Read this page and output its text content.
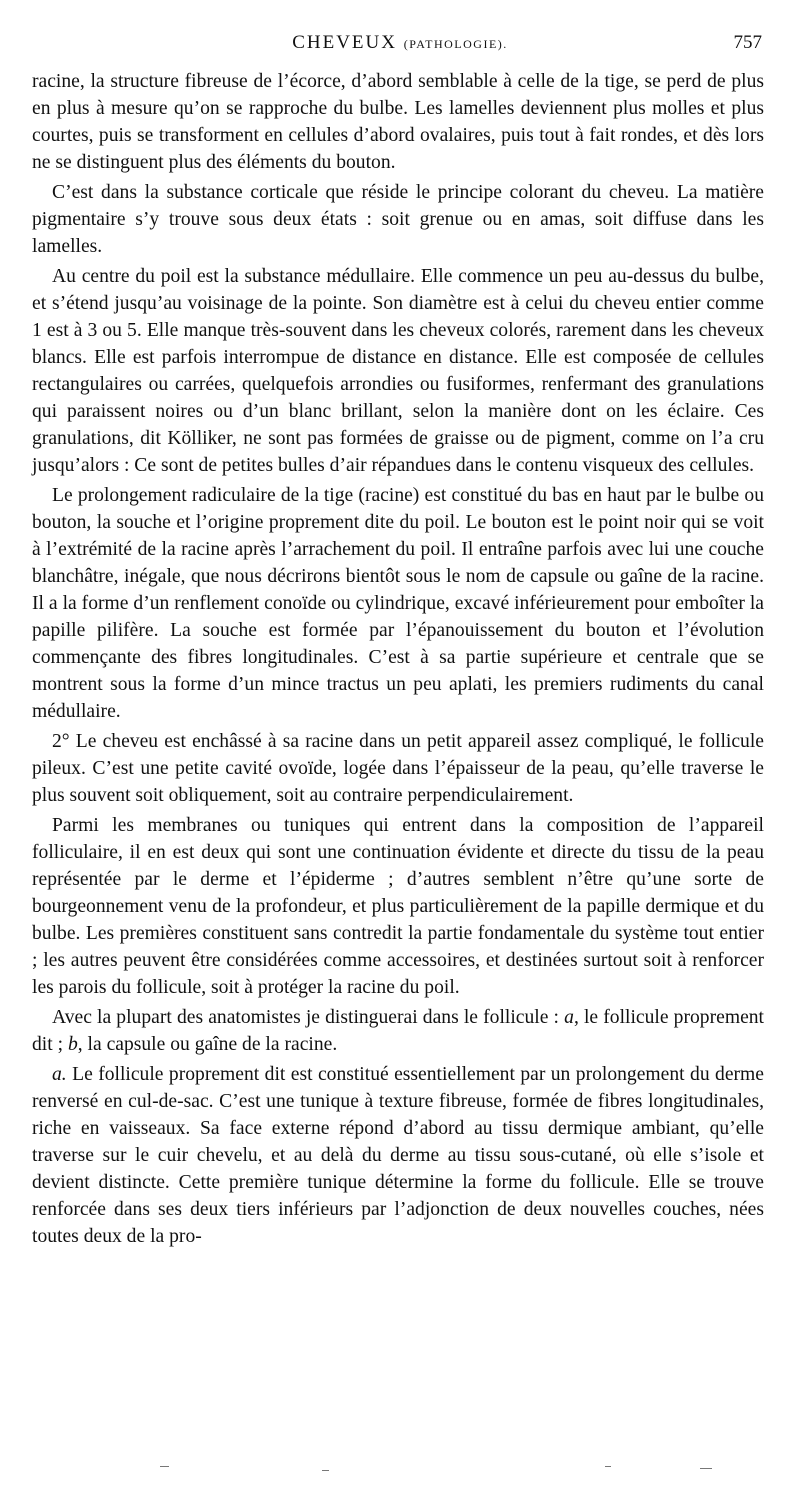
CHEVEUX (PATHOLOGIE).	757

racine, la structure fibreuse de l’écorce, d’abord semblable à celle de la tige, se perd de plus en plus à mesure qu’on se rapproche du bulbe. Les lamelles deviennent plus molles et plus courtes, puis se transforment en cellules d’abord ovalaires, puis tout à fait rondes, et dès lors ne se distinguent plus des éléments du bouton.

C’est dans la substance corticale que réside le principe colorant du cheveu. La matière pigmentaire s’y trouve sous deux états : soit grenue ou en amas, soit diffuse dans les lamelles.

Au centre du poil est la substance médullaire. Elle commence un peu au-dessus du bulbe, et s’étend jusqu’au voisinage de la pointe. Son diamètre est à celui du cheveu entier comme 1 est à 3 ou 5. Elle manque très-souvent dans les cheveux colorés, rarement dans les cheveux blancs. Elle est parfois interrompue de distance en distance. Elle est composée de cellules rectangulaires ou carrées, quelquefois arrondies ou fusiformes, renfermant des granulations qui paraissent noires ou d’un blanc brillant, selon la manière dont on les éclaire. Ces granulations, dit Kölliker, ne sont pas formées de graisse ou de pigment, comme on l’a cru jusqu’alors : Ce sont de petites bulles d’air répandues dans le contenu visqueux des cellules.

Le prolongement radiculaire de la tige (racine) est constitué du bas en haut par le bulbe ou bouton, la souche et l’origine proprement dite du poil. Le bouton est le point noir qui se voit à l’extrémité de la racine après l’arrachement du poil. Il entraîne parfois avec lui une couche blanchâtre, inégale, que nous décrirons bientôt sous le nom de capsule ou gaîne de la racine. Il a la forme d’un renflement conoïde ou cylindrique, excavé inférieurement pour emboîter la papille pilifère. La souche est formée par l’épanouissement du bouton et l’évolution commençante des fibres longitudinales. C’est à sa partie supérieure et centrale que se montrent sous la forme d’un mince tractus un peu aplati, les premiers rudiments du canal médullaire.

2° Le cheveu est enchâssé à sa racine dans un petit appareil assez compliqué, le follicule pileux. C’est une petite cavité ovoïde, logée dans l’épaisseur de la peau, qu’elle traverse le plus souvent soit obliquement, soit au contraire perpendiculairement.

Parmi les membranes ou tuniques qui entrent dans la composition de l’appareil folliculaire, il en est deux qui sont une continuation évidente et directe du tissu de la peau représentée par le derme et l’épiderme ; d’autres semblent n’être qu’une sorte de bourgeonnement venu de la profondeur, et plus particulièrement de la papille dermique et du bulbe. Les premières constituent sans contredit la partie fondamentale du système tout entier ; les autres peuvent être considérées comme accessoires, et destinées surtout soit à renforcer les parois du follicule, soit à protéger la racine du poil.

Avec la plupart des anatomistes je distinguerai dans le follicule : a, le follicule proprement dit ; b, la capsule ou gaîne de la racine.

a. Le follicule proprement dit est constitué essentiellement par un prolongement du derme renversé en cul-de-sac. C’est une tunique à texture fibreuse, formée de fibres longitudinales, riche en vaisseaux. Sa face externe répond d’abord au tissu dermique ambiant, qu’elle traverse sur le cuir chevelu, et au delà du derme au tissu sous-cutané, où elle s’isole et devient distincte. Cette première tunique détermine la forme du follicule. Elle se trouve renforcée dans ses deux tiers inférieurs par l’adjonction de deux nouvelles couches, nées toutes deux de la pro-
